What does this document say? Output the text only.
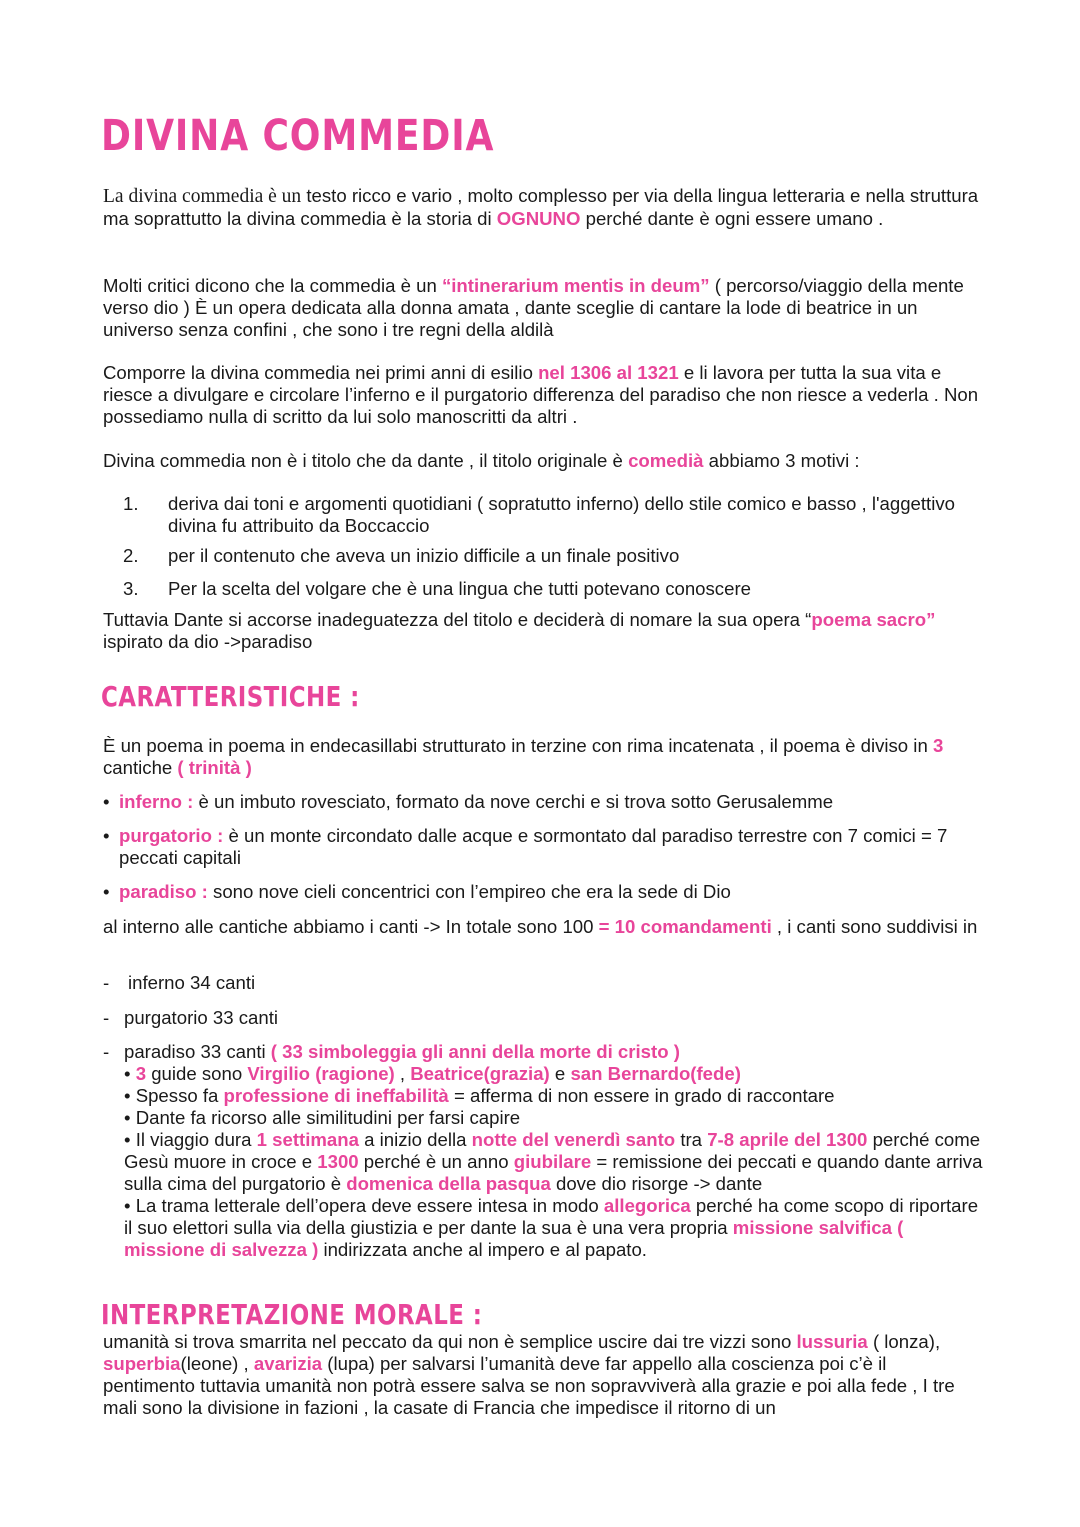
DIVINA COMMEDIA

La divina commedia è un testo ricco e vario , molto complesso per via della lingua letteraria e nella struttura ma soprattutto la divina commedia è la storia di OGNUNO perché dante è ogni essere umano .

Molti critici dicono che la commedia è un “intinerarium mentis in deum” ( percorso/viaggio della mente verso dio ) È un opera dedicata alla donna amata , dante sceglie di cantare la lode di beatrice in un universo senza confini , che sono i tre regni della aldilà

Comporre la divina commedia nei primi anni di esilio nel 1306 al 1321 e li lavora per tutta la sua vita e riesce a divulgare e circolare l’inferno e il purgatorio differenza del paradiso che non riesce a vederla . Non possediamo nulla di scritto da lui solo manoscritti da altri .

Divina commedia non è i titolo che da dante , il titolo originale è comedià abbiamo 3 motivi :

1. deriva dai toni e argomenti quotidiani ( sopratutto inferno) dello stile comico e basso , l'aggettivo divina fu attribuito da Boccaccio
2. per il contenuto che aveva un inizio difficile a un finale positivo
3. Per la scelta del volgare che è una lingua che tutti potevano conoscere

Tuttavia Dante si accorse inadeguatezza del titolo e deciderà di nomare la sua opera “poema sacro” ispirato da dio ->paradiso

CARATTERISTICHE :

È un poema in poema in endecasillabi strutturato in terzine con rima incatenata , il poema è diviso in 3 cantiche ( trinità )

• inferno : è un imbuto rovesciato, formato da nove cerchi e si trova sotto Gerusalemme
• purgatorio : è un monte circondato dalle acque e sormontato dal paradiso terrestre con 7 comici = 7 peccati capitali
• paradiso : sono nove cieli concentrici con l’empireo che era la sede di Dio

al interno alle cantiche abbiamo i canti -> In totale sono 100 = 10 comandamenti , i canti sono suddivisi in

- inferno 34 canti
- purgatorio 33 canti
- paradiso 33 canti ( 33 simboleggia gli anni della morte di cristo )
• 3 guide sono Virgilio (ragione) , Beatrice(grazia) e san Bernardo(fede)
• Spesso fa professione di ineffabilità = afferma di non essere in grado di raccontare
• Dante fa ricorso alle similitudini per farsi capire
• Il viaggio dura 1 settimana a inizio della notte del venerdì santo tra 7-8 aprile del 1300 perché come Gesù muore in croce e 1300 perché è un anno giubilare = remissione dei peccati e quando dante arriva sulla cima del purgatorio è domenica della pasqua dove dio risorge -> dante
• La trama letterale dell’opera deve essere intesa in modo allegorica perché ha come scopo di riportare il suo elettori sulla via della giustizia e per dante la sua è una vera propria missione salvifica ( missione di salvezza ) indirizzata anche al impero e al papato.
INTERPRETAZIONE MORALE :

umanità si trova smarrita nel peccato da qui non è semplice uscire dai tre vizzi sono lussuria ( lonza), superbia(leone) , avarizia (lupa) per salvarsi l’umanità deve far appello alla coscienza poi c’è il pentimento tuttavia umanità non potrà essere salva se non sopravviverà alla grazie e poi alla fede , I tre mali sono la divisione in fazioni , la casate di Francia che impedisce il ritorno di un
